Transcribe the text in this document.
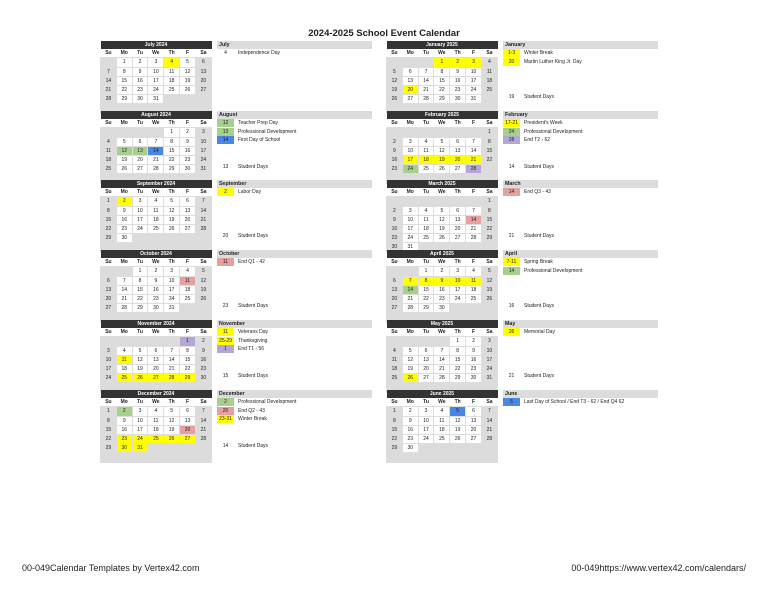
2024-2025 School Event Calendar
July 2024						
Su	Mo	Tu	We	Th	F	Sa
	1	2	3	4	5	6
7	8	9	10	11	12	13
14	15	16	17	18	19	20
21	22	23	24	25	26	27
28	29	30	31			

July
4 Independence Day
August 2024						
Su	Mo	Tu	We	Th	F	Sa
				1	2	3
4	5	6	7	8	9	10
11	12	13	14	15	16	17
18	19	20	21	22	23	24
25	26	27	28	29	30	31

August
12 Teacher Prep Day
13 Professional Development
14 First Day of School
13 Student Days
September 2024						
Su	Mo	Tu	We	Th	F	Sa
1	2	3	4	5	6	7
8	9	10	11	12	13	14
15	16	17	18	19	20	21
22	23	24	25	26	27	28
29	30					

September
2 Labor Day
20 Student Days
October 2024						
Su	Mo	Tu	We	Th	F	Sa
		1	2	3	4	5
6	7	8	9	10	11	12
13	14	15	16	17	18	19
20	21	22	23	24	25	26
27	28	29	30	31		

October
11 End Q1 - 42
23 Student Days
November 2024						
Su	Mo	Tu	We	Th	F	Sa
					1	2
3	4	5	6	7	8	9
10	11	12	13	14	15	16
17	18	19	20	21	22	23
24	25	26	27	28	29	30

November
11 Veterans Day
25-29 Thanksgiving
1 End T1 - 56
15 Student Days
December 2024						
Su	Mo	Tu	We	Th	F	Sa
1	2	3	4	5	6	7
8	9	10	11	12	13	14
15	16	17	18	19	20	21
22	23	24	25	26	27	28
29	30	31				

December
2 Professional Development
20 End Q2 - 43
23-31 Winter Break
14 Student Days
January 2025						
Su	Mo	Tu	We	Th	F	Sa
			1	2	3	4
5	6	7	8	9	10	11
12	13	14	15	16	17	18
19	20	21	22	23	24	25
26	27	28	29	30	31	

January
1-3 Winter Break
20 Martin Luther King Jr. Day
19 Student Days
February 2025						
Su	Mo	Tu	We	Th	F	Sa
						1
2	3	4	5	6	7	8
9	10	11	12	13	14	15
16	17	18	19	20	21	22
23	24	25	26	27	28	

February
17-21 President's Week
24 Professional Development
28 End T2 - 62
14 Student Days
March 2025						
Su	Mo	Tu	We	Th	F	Sa
						1
2	3	4	5	6	7	8
9	10	11	12	13	14	15
16	17	18	19	20	21	22
23	24	25	26	27	28	29
30	31					
March
14 End Q3 - 43
21 Student Days
April 2025						
Su	Mo	Tu	We	Th	F	Sa
		1	2	3	4	5
6	7	8	9	10	11	12
13	14	15	16	17	18	19
20	21	22	23	24	25	26
27	28	29	30			

April
7-11 Spring Break
14 Professional Development
16 Student Days
May 2025						
Su	Mo	Tu	We	Th	F	Sa
				1	2	3
4	5	6	7	8	9	10
11	12	13	14	15	16	17
18	19	20	21	22	23	24
25	26	27	28	29	30	31

May
26 Memorial Day
21 Student Days
June 2025						
Su	Mo	Tu	We	Th	F	Sa
1	2	3	4	5	6	7
8	9	10	11	12	13	14
15	16	17	18	19	20	21
22	23	24	25	26	27	28
29	30					

June
5 Last Day of School / End T3 - 62 / End Q4 62
00-049Calendar Templates by Vertex42.com	00-049https://www.vertex42.com/calendars/
